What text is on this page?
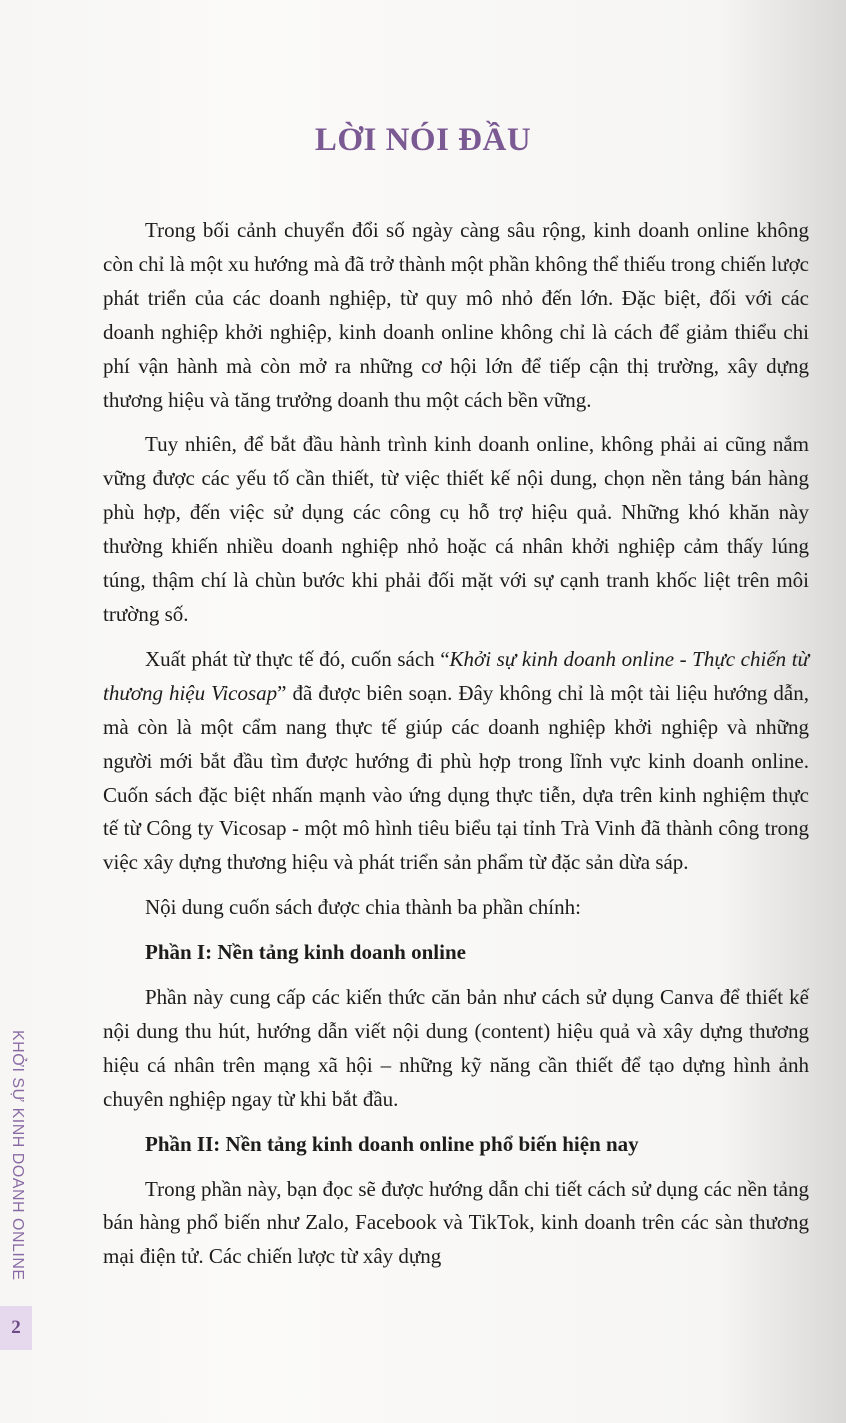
LỜI NÓI ĐẦU

Trong bối cảnh chuyển đổi số ngày càng sâu rộng, kinh doanh online không còn chỉ là một xu hướng mà đã trở thành một phần không thể thiếu trong chiến lược phát triển của các doanh nghiệp, từ quy mô nhỏ đến lớn. Đặc biệt, đối với các doanh nghiệp khởi nghiệp, kinh doanh online không chỉ là cách để giảm thiểu chi phí vận hành mà còn mở ra những cơ hội lớn để tiếp cận thị trường, xây dựng thương hiệu và tăng trưởng doanh thu một cách bền vững.

Tuy nhiên, để bắt đầu hành trình kinh doanh online, không phải ai cũng nắm vững được các yếu tố cần thiết, từ việc thiết kế nội dung, chọn nền tảng bán hàng phù hợp, đến việc sử dụng các công cụ hỗ trợ hiệu quả. Những khó khăn này thường khiến nhiều doanh nghiệp nhỏ hoặc cá nhân khởi nghiệp cảm thấy lúng túng, thậm chí là chùn bước khi phải đối mặt với sự cạnh tranh khốc liệt trên môi trường số.

Xuất phát từ thực tế đó, cuốn sách “Khởi sự kinh doanh online - Thực chiến từ thương hiệu Vicosap” đã được biên soạn. Đây không chỉ là một tài liệu hướng dẫn, mà còn là một cẩm nang thực tế giúp các doanh nghiệp khởi nghiệp và những người mới bắt đầu tìm được hướng đi phù hợp trong lĩnh vực kinh doanh online. Cuốn sách đặc biệt nhấn mạnh vào ứng dụng thực tiễn, dựa trên kinh nghiệm thực tế từ Công ty Vicosap - một mô hình tiêu biểu tại tỉnh Trà Vinh đã thành công trong việc xây dựng thương hiệu và phát triển sản phẩm từ đặc sản dừa sáp.

Nội dung cuốn sách được chia thành ba phần chính:

Phần I: Nền tảng kinh doanh online

Phần này cung cấp các kiến thức căn bản như cách sử dụng Canva để thiết kế nội dung thu hút, hướng dẫn viết nội dung (content) hiệu quả và xây dựng thương hiệu cá nhân trên mạng xã hội – những kỹ năng cần thiết để tạo dựng hình ảnh chuyên nghiệp ngay từ khi bắt đầu.

Phần II: Nền tảng kinh doanh online phổ biến hiện nay

Trong phần này, bạn đọc sẽ được hướng dẫn chi tiết cách sử dụng các nền tảng bán hàng phổ biến như Zalo, Facebook và TikTok, kinh doanh trên các sàn thương mại điện tử. Các chiến lược từ xây dựng

KHỞI SỰ KINH DOANH ONLINE
2
